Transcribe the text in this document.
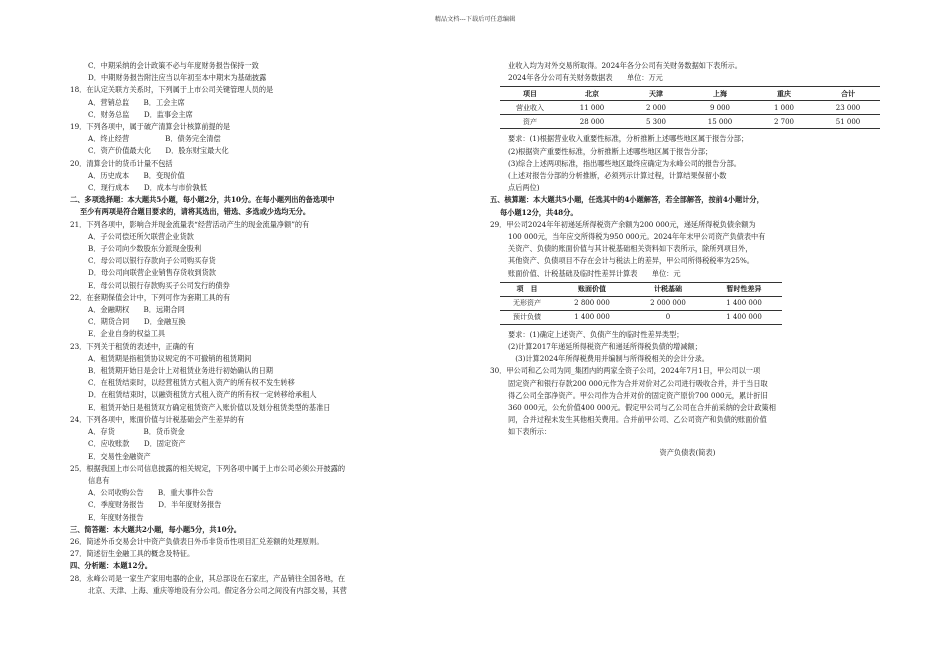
精品文档---下载后可任意编辑
C．中期采纳的会计政策不必与年度财务报告保持一致
D．中期财务报告附注应当以年初至本中期末为基础披露
18．在认定关联方关系时，下列属于上市公司关键管理人员的是
A．营销总监　　B．工会主席
C．财务总监　　D．监事会主席
19．下列各项中，属于破产清算会计核算前提的是
A．终止经营　　　　　B．债务完全清偿
C．资产价值最大化　　D．股东财宝最大化
20．清算会计的货币计量不包括
A．历史成本　　B．变现价值
C．现行成本　　D．成本与市价孰低
二、多项选择题：本大题共5小题，每小题2分，共10分。在每小题列出的备选项中
至少有两项是符合题目要求的，请将其选出，错选、多选或少选均无分。
21．下列各项中，影响合并现金流量表“经营活动产生的现金流量净额”的有
A．子公司偿还所欠联营企业货款
B．子公司向少数股东分派现金股利
C．母公司以银行存款向子公司购买存货
D．母公司向联营企业销售存货收到货款
E．母公司以银行存款购买子公司发行的债券
22．在套期保值会计中，下列可作为套期工具的有
A．金融期权　　B．远期合同
C．期货合同　　D．金融互换
E．企业自身的权益工具
23．下列关于租赁的表述中，正确的有
A．租赁期是指租赁协议规定的不可撤销的租赁期间
B．租赁期开始日是会计上对租赁业务进行初始确认的日期
C．在租赁结束时，以经营租赁方式租入资产的所有权不发生转移
D．在租赁结束时，以融资租赁方式租入资产的所有权一定转移给承租人
E．租赁开始日是租赁双方确定租赁资产入账价值以及划分租赁类型的基准日
24．下列各项中，账面价值与计税基础会产生差异的有
A．存货　　　　B．货币资金
C．应收账款　　D．固定资产
E．交易性金融资产
25．根据我国上市公司信息披露的相关规定，下列各项中属于上市公司必须公开披露的
信息有
A．公司收购公告　　B．重大事件公告
C．季度财务报告　　D．半年度财务报告
E．年度财务报告
三、简答题：本大题共2小题，每小题5分，共10分。
26．简述外币交易会计中资产负债表日外币非货币性项目汇兑差额的处理原则。
27．简述衍生金融工具的概念及特征。
四、分析题：本题12分。
28．永峰公司是一家生产家用电器的企业，其总部设在石家庄，产品销往全国各地，在
北京、天津、上海、重庆等地设有分公司。假定各分公司之间没有内部交易，其营
业收入均为对外交易所取得。2024年各分公司有关财务数据如下表所示。
2024年各分公司有关财务数据表　　单位：万元
项目	北京	天津	上海	重庆	合计
营业收入	11 000	2 000	9 000	1 000	23 000
资产	28 000	5 300	15 000	2 700	51 000
要求：(1)根据营业收入重要性标准，分析推断上述哪些地区属于报告分部；
(2)根据资产重要性标准，分析推断上述哪些地区属于报告分部；
(3)综合上述两项标准，指出哪些地区最终应确定为永峰公司的报告分部。
(上述对报告分部的分析推断，必须列示计算过程，计算结果保留小数
点后两位)
五、核算题：本大题共5小题，任选其中的4小题解答，若全部解答，按前4小题计分，
每小题12分，共48分。
29．甲公司2024年年初递延所得税资产余额为200 000元，递延所得税负债余额为
100 000元，当年应交所得税为950 000元。2024年年末甲公司资产负债表中有
关资产、负债的账面价值与其计税基础相关资料如下表所示，除所列项目外，
其他资产、负债项目不存在会计与税法上的差异，甲公司所得税税率为25%。
账面价值、计税基础及临时性差异计算表　　单位：元
项　目	账面价值	计税基础	暂时性差异
无形资产	2 800 000	2 000 000	1 400 000
预计负债	1 400 000	0	1 400 000
要求：(1)确定上述资产、负债产生的临时性差异类型；
(2)计算2017年递延所得税资产和递延所得税负债的增减额；
　(3)计算2024年所得税费用并编制与所得税相关的会计分录。
30．甲公司和乙公司为同_集团内的两家全资子公司，2024年7月1日，甲公司以一项
固定资产和银行存款200 000元作为合并对价对乙公司进行吸收合并，并于当日取
得乙公司全部净资产。甲公司作为合并对价的固定资产原价700 000元，累计折旧
360 000元，公允价值400 000元。假定甲公司与乙公司在合并前采纳的会计政策相
同，合并过程未发生其他相关费用。合并前甲公司、乙公司资产和负债的账面价值
如下表所示：
资产负债表(简表)
